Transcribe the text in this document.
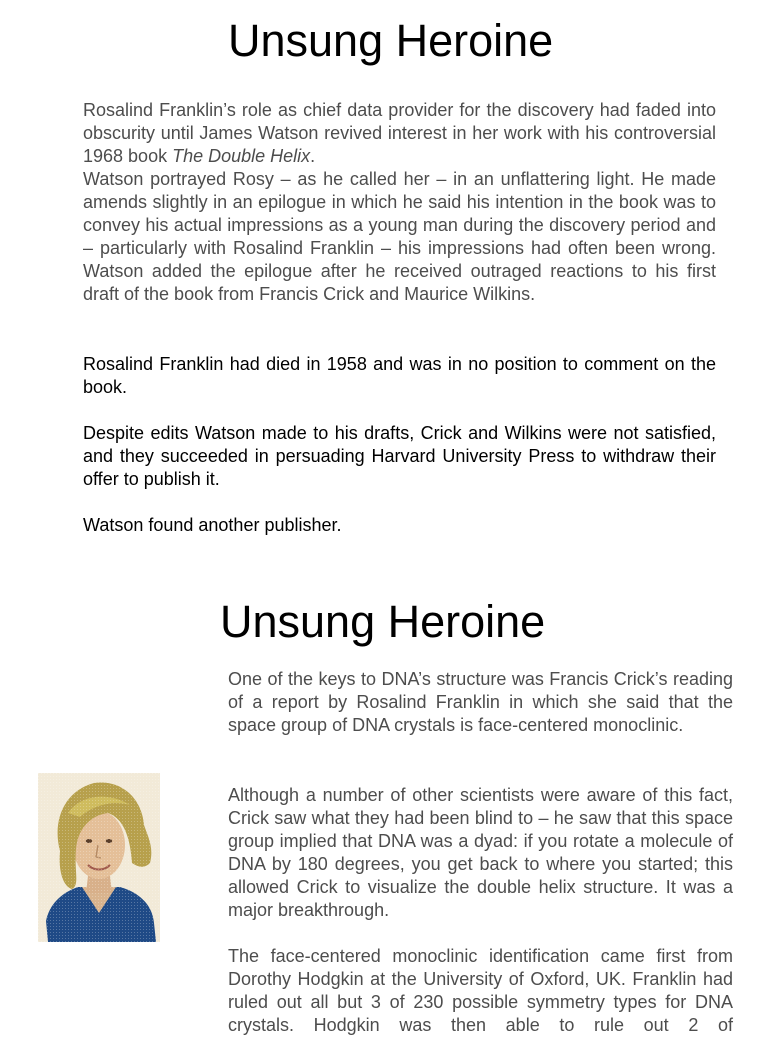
Unsung Heroine

Rosalind Franklin’s role as chief data provider for the discovery had faded into obscurity until James Watson revived interest in her work with his controversial 1968 book The Double Helix.
Watson portrayed Rosy – as he called her – in an unflattering light. He made amends slightly in an epilogue in which he said his intention in the book was to convey his actual impressions as a young man during the discovery period and – particularly with Rosalind Franklin – his impressions had often been wrong. Watson added the epilogue after he received outraged reactions to his first draft of the book from Francis Crick and Maurice Wilkins.

Rosalind Franklin had died in 1958 and was in no position to comment on the book.

Despite edits Watson made to his drafts, Crick and Wilkins were not satisfied, and they succeeded in persuading Harvard University Press to withdraw their offer to publish it.

Watson found another publisher.

Unsung Heroine

One of the keys to DNA’s structure was Francis Crick’s reading of a report by Rosalind Franklin in which she said that the space group of DNA crystals is face-centered monoclinic.

Although a number of other scientists were aware of this fact, Crick saw what they had been blind to – he saw that this space group implied that DNA was a dyad: if you rotate a molecule of DNA by 180 degrees, you get back to where you started; this allowed Crick to visualize the double helix structure. It was a major breakthrough.

The face-centered monoclinic identification came first from Dorothy Hodgkin at the University of Oxford, UK. Franklin had ruled out all but 3 of 230 possible symmetry types for DNA crystals. Hodgkin was then able to rule out 2 of
